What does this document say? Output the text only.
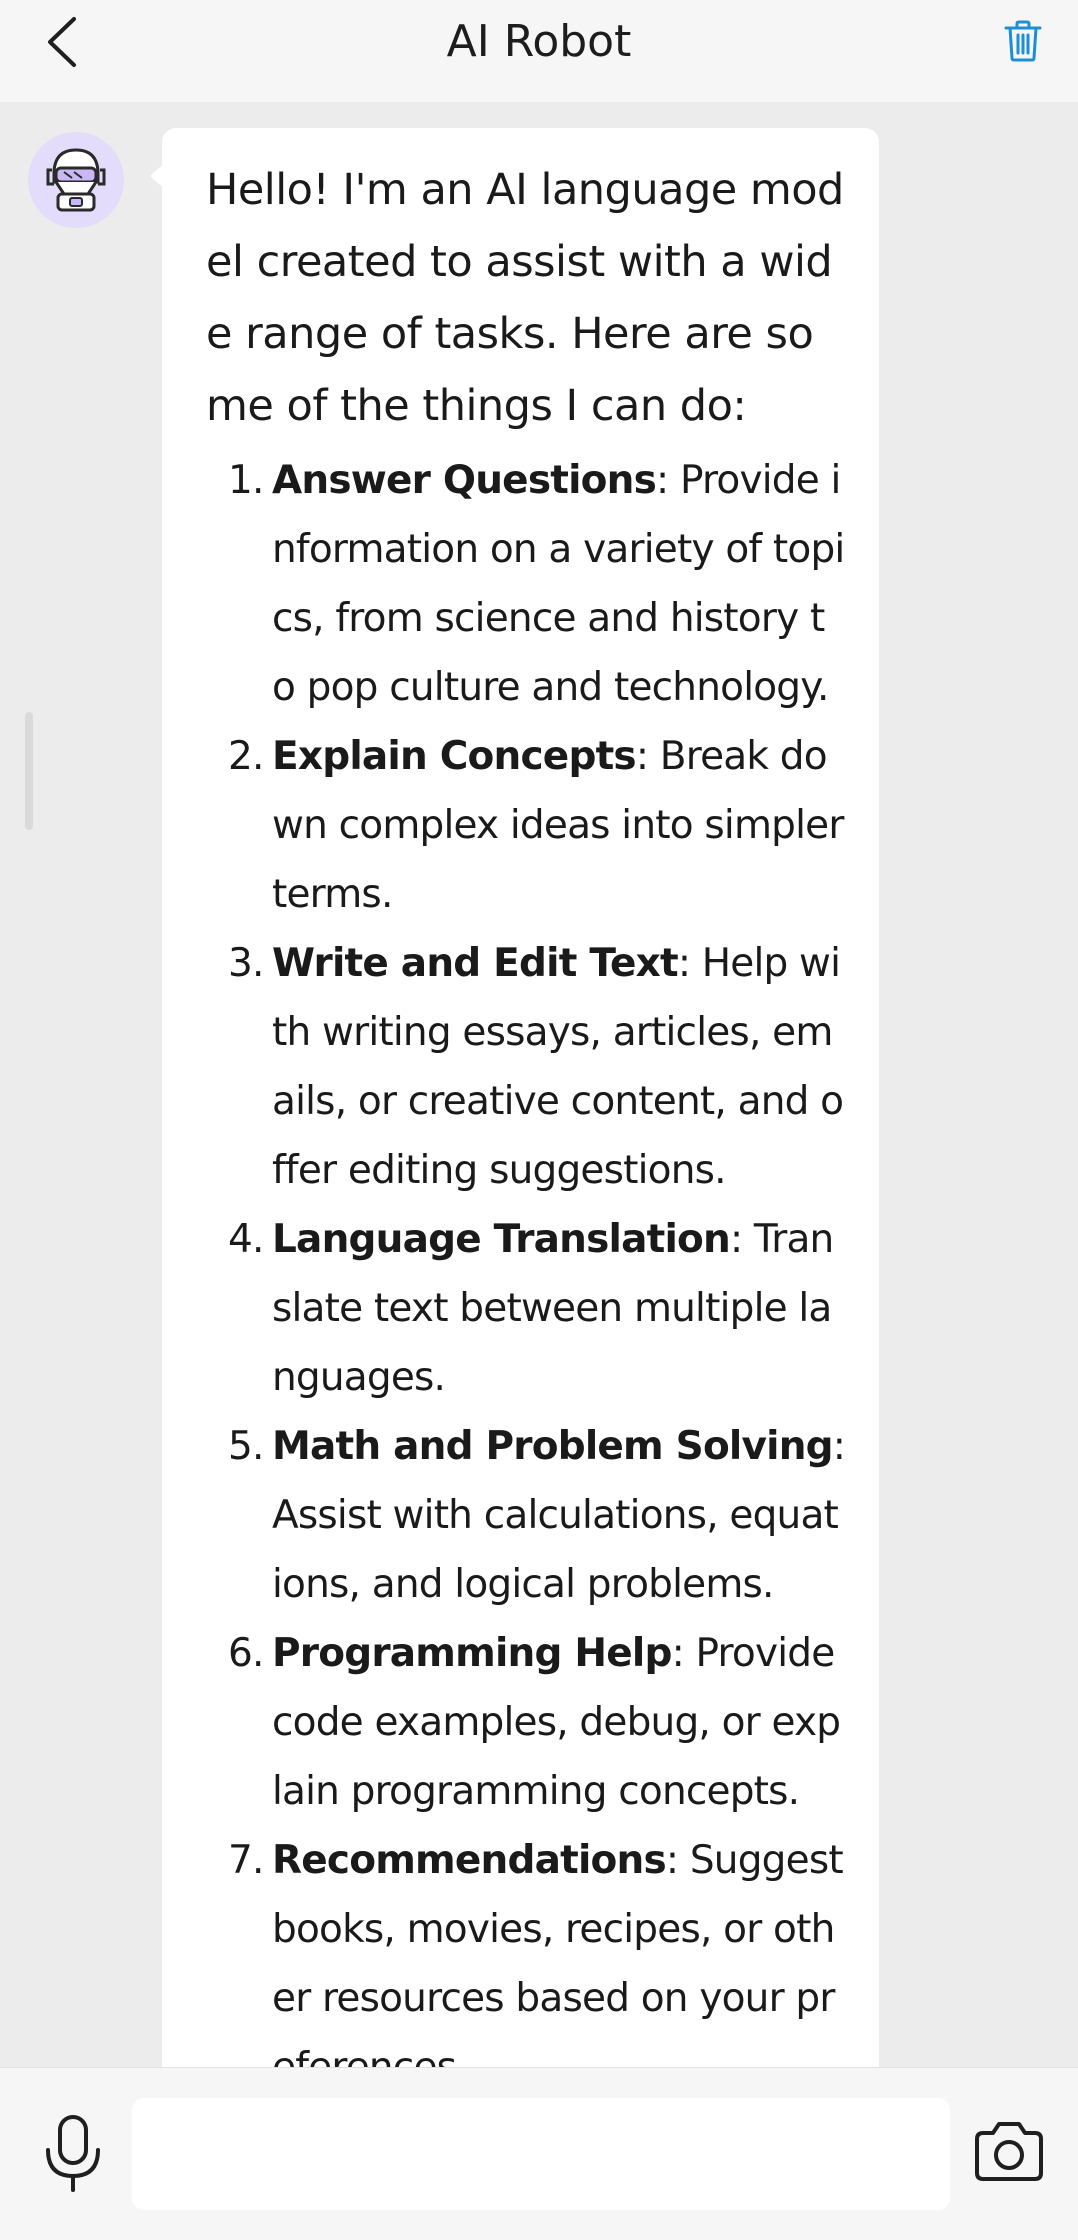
AI Robot

Hello! I'm an AI language model created to assist with a wide range of tasks. Here are some of the things I can do:

1. Answer Questions: Provide information on a variety of topics, from science and history to pop culture and technology.
2. Explain Concepts: Break down complex ideas into simpler terms.
3. Write and Edit Text: Help with writing essays, articles, emails, or creative content, and offer editing suggestions.
4. Language Translation: Translate text between multiple languages.
5. Math and Problem Solving: Assist with calculations, equations, and logical problems.
6. Programming Help: Provide code examples, debug, or explain programming concepts.
7. Recommendations: Suggest books, movies, recipes, or other resources based on your pr
